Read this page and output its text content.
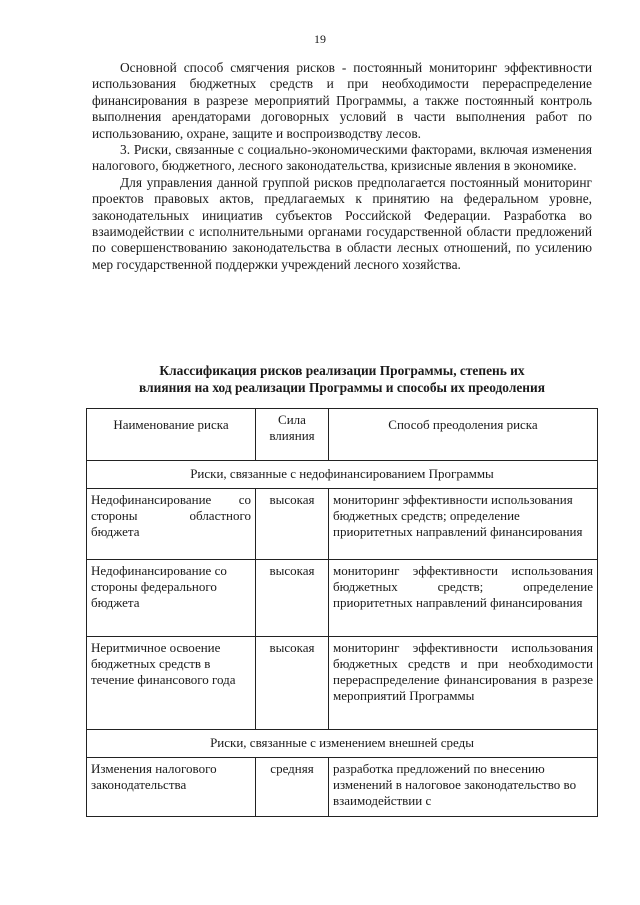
19

Основной способ смягчения рисков - постоянный мониторинг эффективности использования бюджетных средств и при необходимости перераспределение финансирования в разрезе мероприятий Программы, а также постоянный контроль выполнения арендаторами договорных условий в части выполнения работ по использованию, охране, защите и воспроизводству лесов.

3. Риски, связанные с социально-экономическими факторами, включая изменения налогового, бюджетного, лесного законодательства, кризисные явления в экономике.

Для управления данной группой рисков предполагается постоянный мониторинг проектов правовых актов, предлагаемых к принятию на федеральном уровне, законодательных инициатив субъектов Российской Федерации. Разработка во взаимодействии с исполнительными органами государственной области предложений по совершенствованию законодательства в области лесных отношений, по усилению мер государственной поддержки учреждений лесного хозяйства.

Классификация рисков реализации Программы, степень их
влияния на ход реализации Программы и способы их преодоления
Наименование риска	Сила влияния	Способ преодоления риска
Риски, связанные с недофинансированием Программы		
Недофинансирование со стороны областного бюджета	высокая	мониторинг эффективности использования бюджетных средств; определение приоритетных направлений финансирования
Недофинансирование со стороны федерального бюджета	высокая	мониторинг эффективности использования бюджетных средств; определение приоритетных направлений финансирования
Неритмичное освоение бюджетных средств в течение финансового года	высокая	мониторинг эффективности использования бюджетных средств и при необходимости перераспределение финансирования в разрезе мероприятий Программы
Риски, связанные с изменением внешней среды		
Изменения налогового законодательства	средняя	разработка предложений по внесению изменений в налоговое законодательство во взаимодействии с
